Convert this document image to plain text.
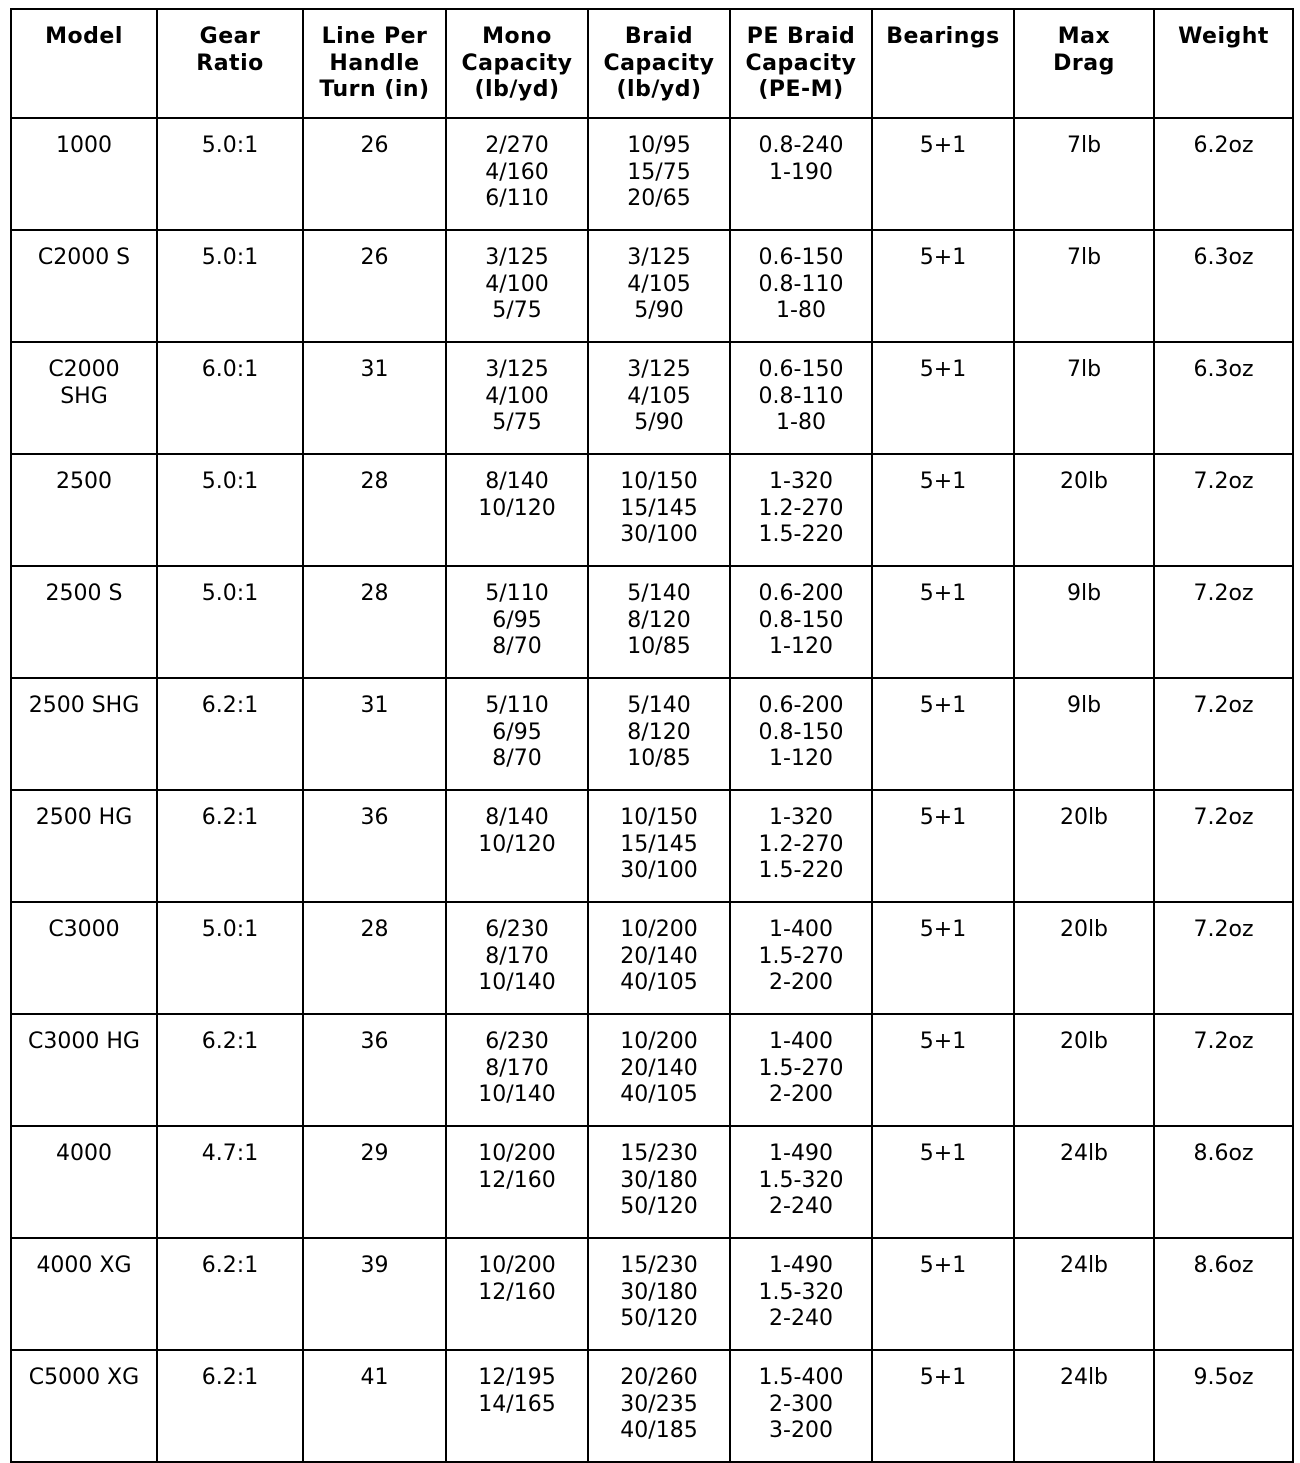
Model	Gear
Ratio	Line Per
Handle
Turn (in)	Mono
Capacity
(lb/yd)	Braid
Capacity
(lb/yd)	PE Braid
Capacity
(PE-M)	Bearings	Max
Drag	Weight
1000	5.0:1	26	2/270
4/160
6/110	10/95
15/75
20/65	0.8-240
1-190	5+1	7lb	6.2oz
C2000 S	5.0:1	26	3/125
4/100
5/75	3/125
4/105
5/90	0.6-150
0.8-110
1-80	5+1	7lb	6.3oz
C2000
SHG	6.0:1	31	3/125
4/100
5/75	3/125
4/105
5/90	0.6-150
0.8-110
1-80	5+1	7lb	6.3oz
2500	5.0:1	28	8/140
10/120	10/150
15/145
30/100	1-320
1.2-270
1.5-220	5+1	20lb	7.2oz
2500 S	5.0:1	28	5/110
6/95
8/70	5/140
8/120
10/85	0.6-200
0.8-150
1-120	5+1	9lb	7.2oz
2500 SHG	6.2:1	31	5/110
6/95
8/70	5/140
8/120
10/85	0.6-200
0.8-150
1-120	5+1	9lb	7.2oz
2500 HG	6.2:1	36	8/140
10/120	10/150
15/145
30/100	1-320
1.2-270
1.5-220	5+1	20lb	7.2oz
C3000	5.0:1	28	6/230
8/170
10/140	10/200
20/140
40/105	1-400
1.5-270
2-200	5+1	20lb	7.2oz
C3000 HG	6.2:1	36	6/230
8/170
10/140	10/200
20/140
40/105	1-400
1.5-270
2-200	5+1	20lb	7.2oz
4000	4.7:1	29	10/200
12/160	15/230
30/180
50/120	1-490
1.5-320
2-240	5+1	24lb	8.6oz
4000 XG	6.2:1	39	10/200
12/160	15/230
30/180
50/120	1-490
1.5-320
2-240	5+1	24lb	8.6oz
C5000 XG	6.2:1	41	12/195
14/165	20/260
30/235
40/185	1.5-400
2-300
3-200	5+1	24lb	9.5oz
